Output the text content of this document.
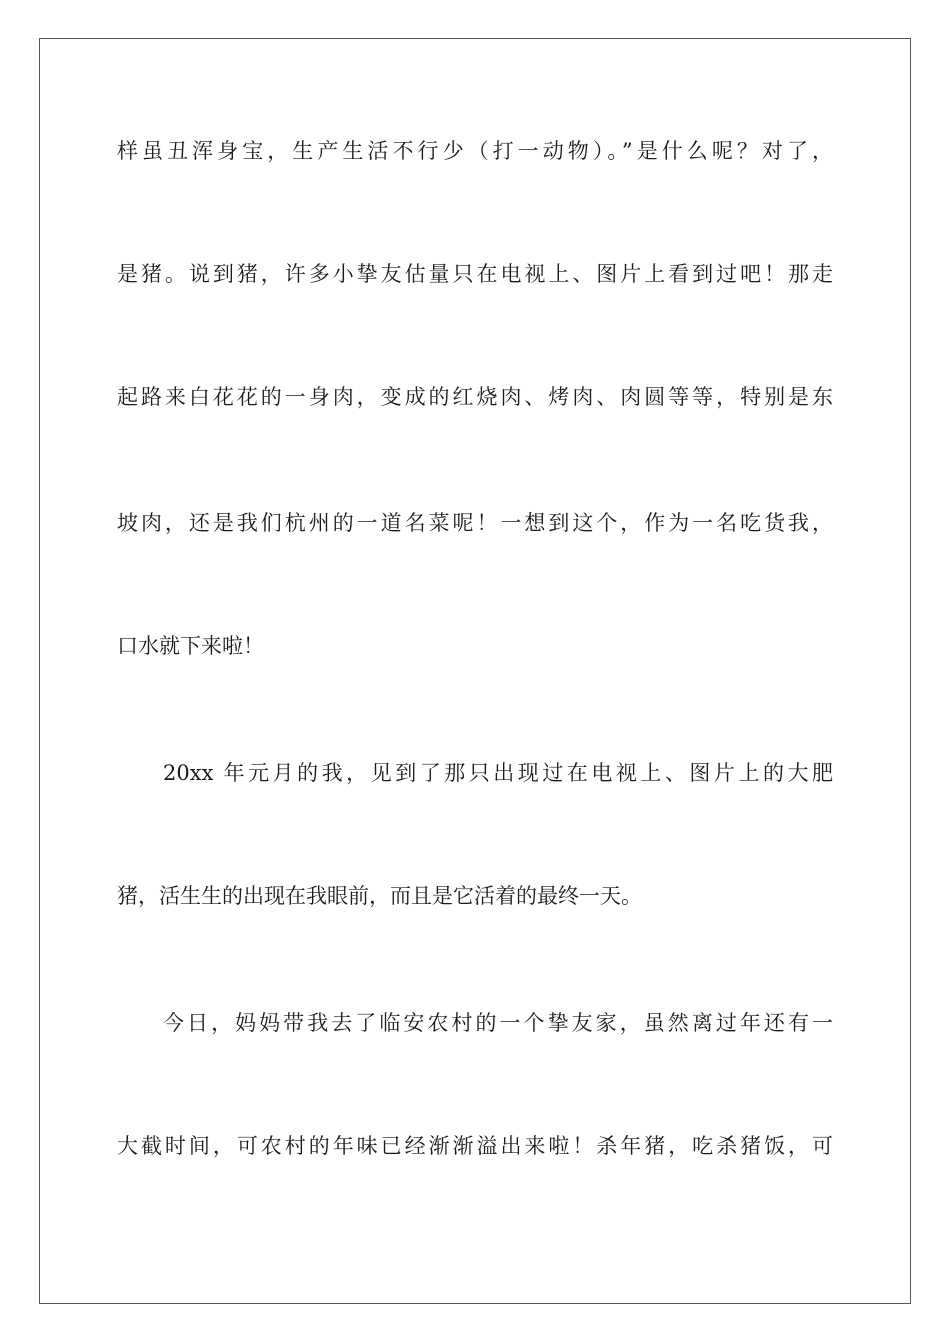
样虽丑浑身宝，生产生活不行少（打一动物）。”是什么呢？对了，
是猪。说到猪，许多小挚友估量只在电视上、图片上看到过吧！那走
起路来白花花的一身肉，变成的红烧肉、烤肉、肉圆等等，特别是东
坡肉，还是我们杭州的一道名菜呢！一想到这个，作为一名吃货我，
口水就下来啦！
20xx 年元月的我，见到了那只出现过在电视上、图片上的大肥
猪，活生生的出现在我眼前，而且是它活着的最终一天。
今日，妈妈带我去了临安农村的一个挚友家，虽然离过年还有一
大截时间，可农村的年味已经渐渐溢出来啦！杀年猪，吃杀猪饭，可
